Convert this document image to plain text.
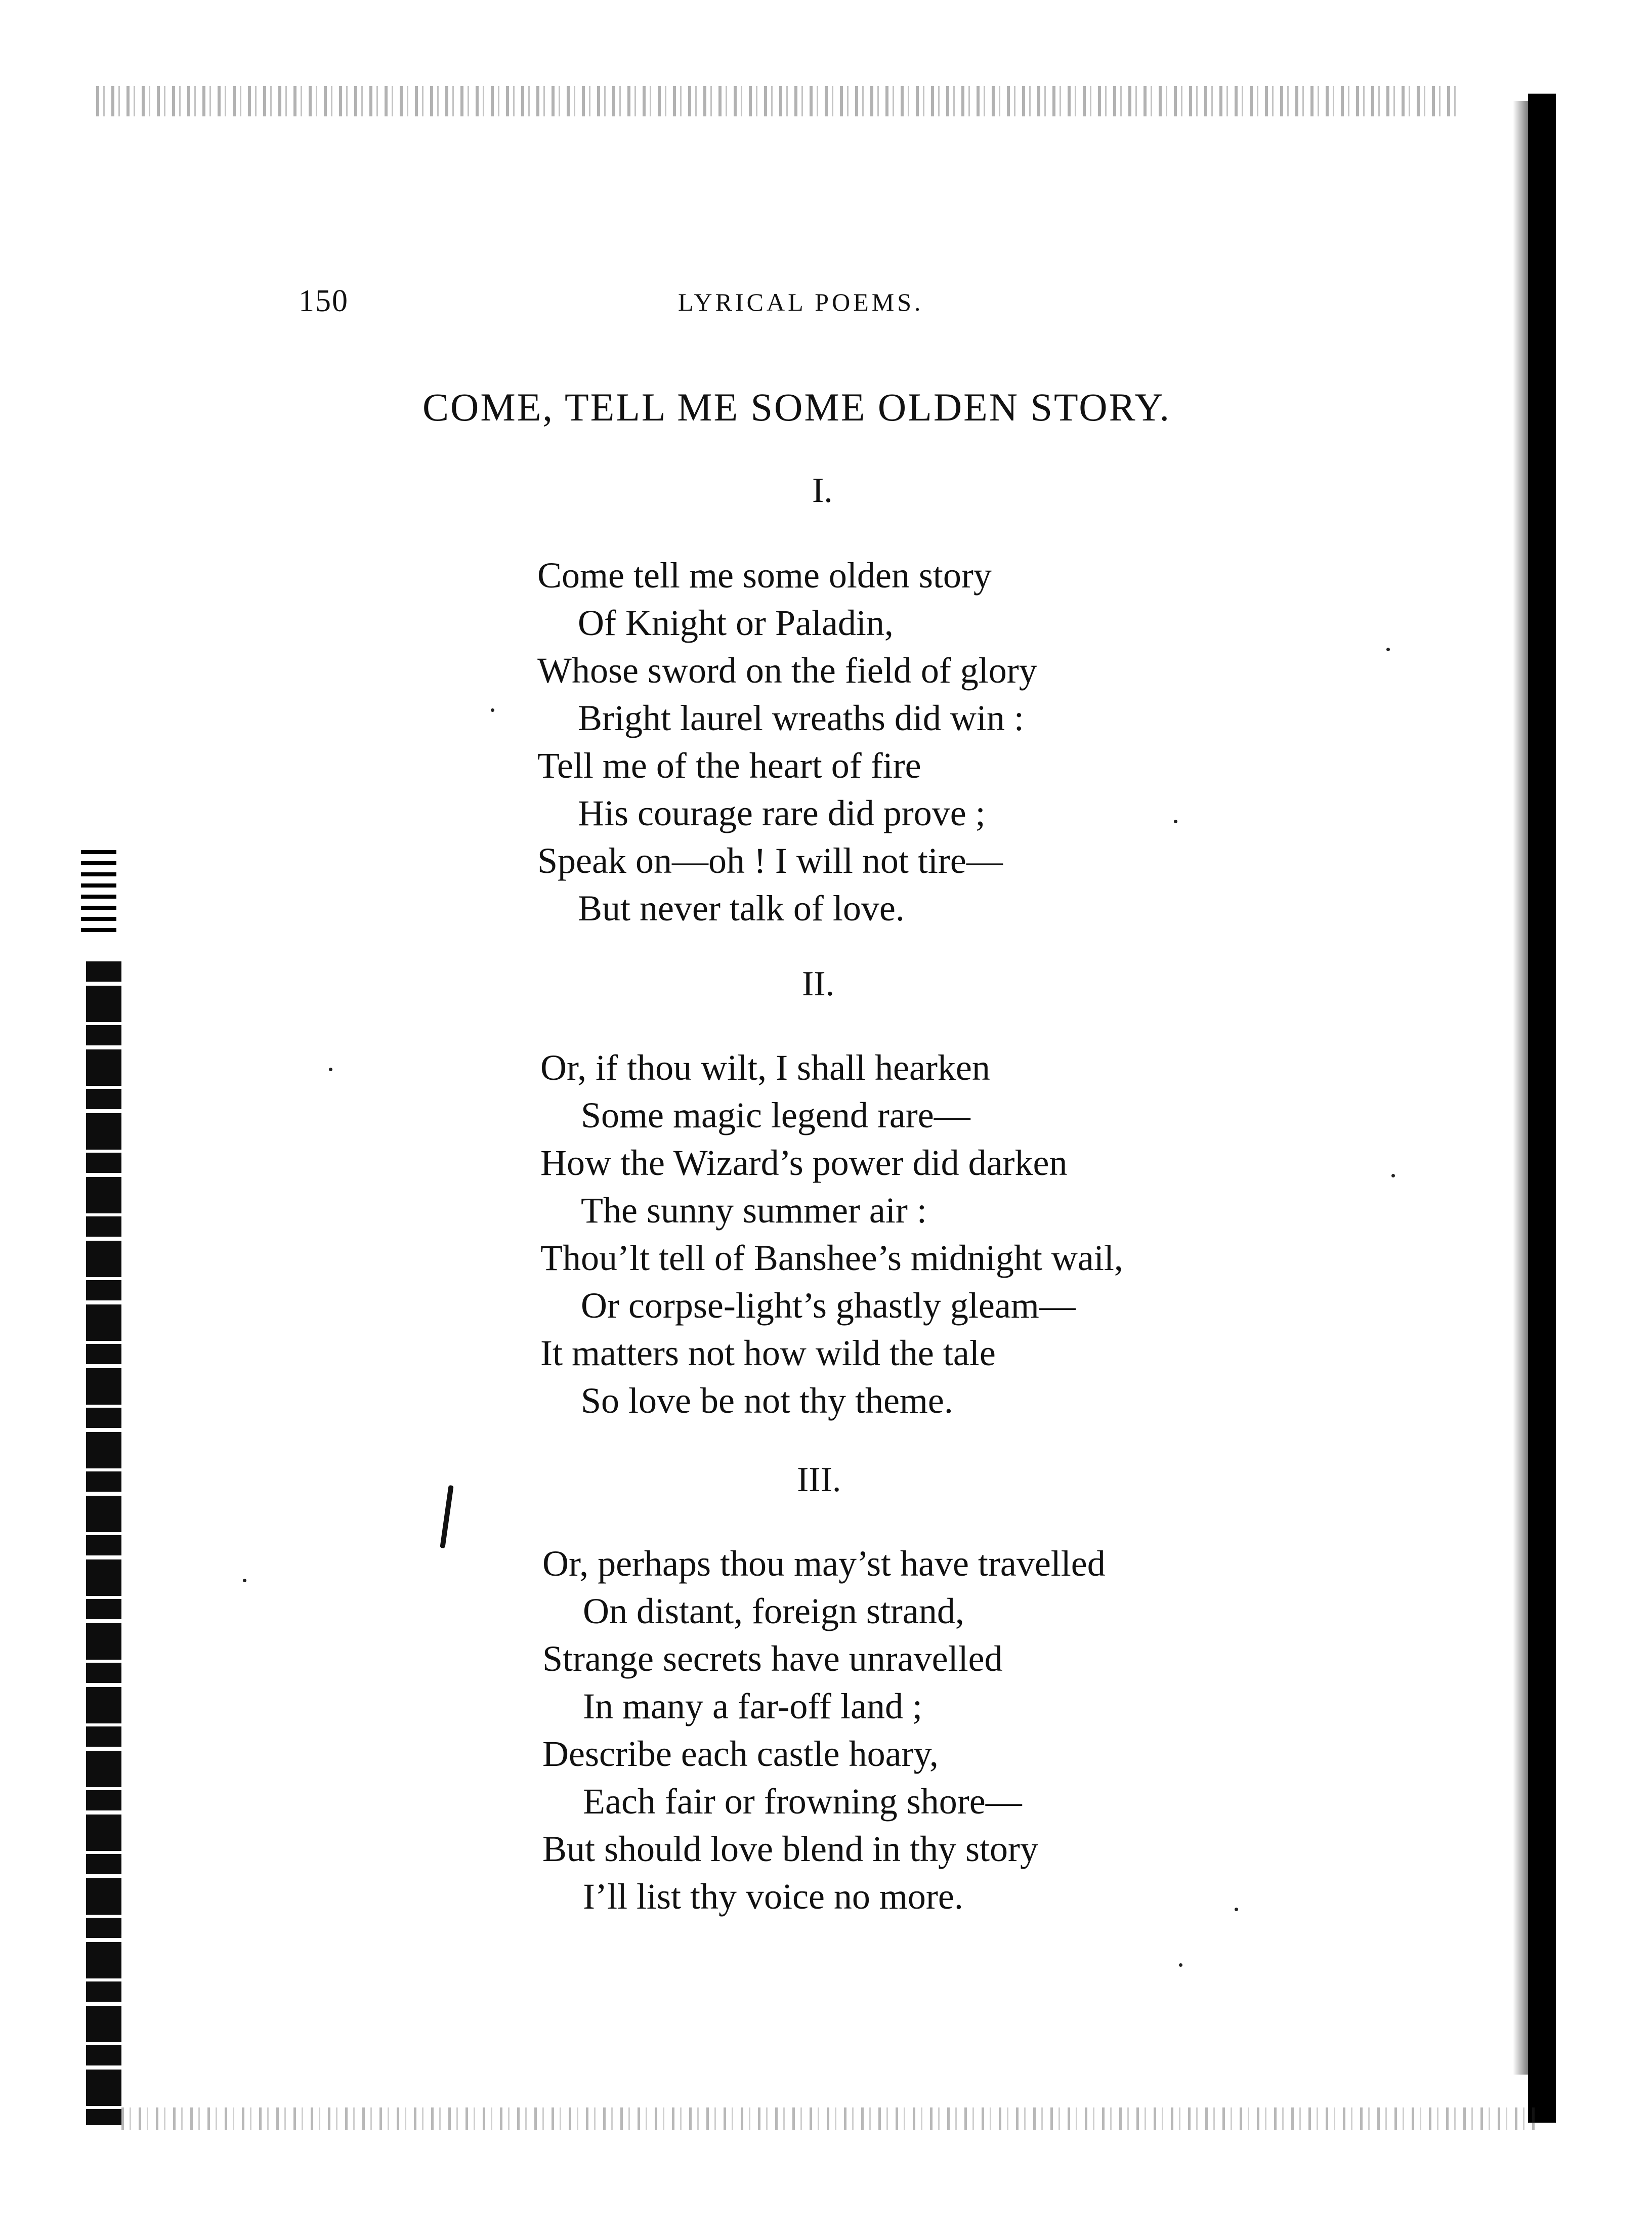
150	LYRICAL POEMS.
COME, TELL ME SOME OLDEN STORY.
I.
Come tell me some olden story
Of Knight or Paladin,
Whose sword on the field of glory
Bright laurel wreaths did win :
Tell me of the heart of fire
His courage rare did prove ;
Speak on—oh ! I will not tire—
But never talk of love.
II.
Or, if thou wilt, I shall hearken
Some magic legend rare—
How the Wizard’s power did darken
The sunny summer air :
Thou’lt tell of Banshee’s midnight wail,
Or corpse-light’s ghastly gleam—
It matters not how wild the tale
So love be not thy theme.
III.
Or, perhaps thou may’st have travelled
On distant, foreign strand,
Strange secrets have unravelled
In many a far-off land ;
Describe each castle hoary,
Each fair or frowning shore—
But should love blend in thy story
I’ll list thy voice no more.
